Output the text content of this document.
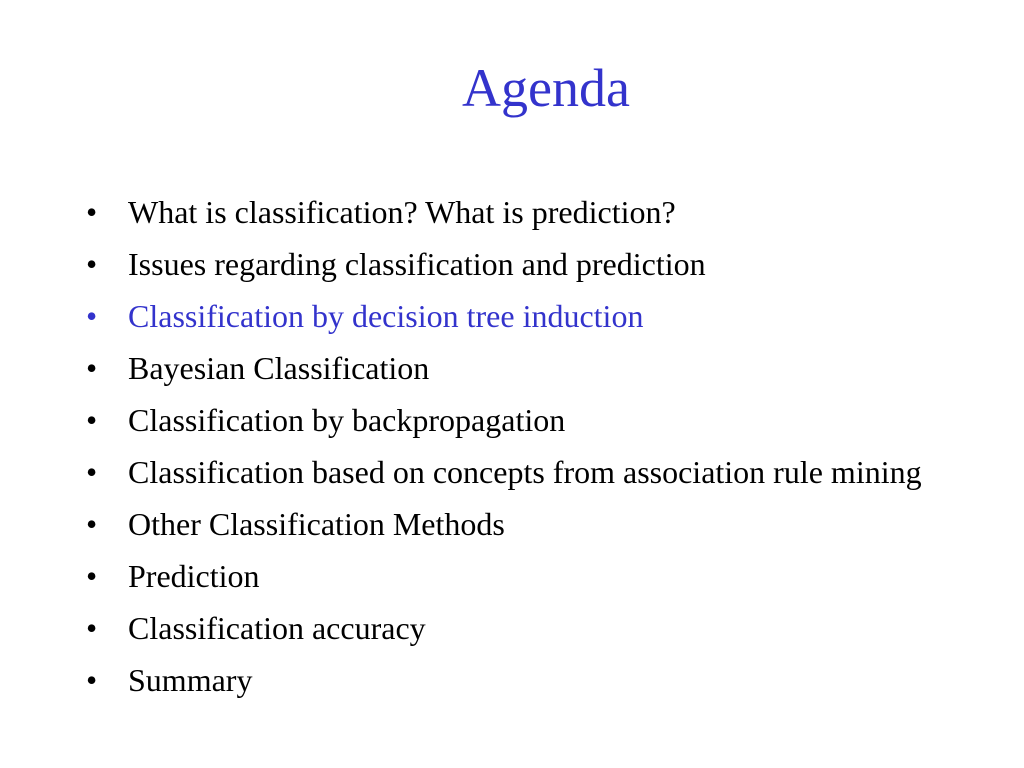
Agenda
• What is classification? What is prediction?
• Issues regarding classification and prediction
• Classification by decision tree induction
• Bayesian Classification
• Classification by backpropagation
• Classification based on concepts from association rule mining
• Other Classification Methods
• Prediction
• Classification accuracy
• Summary
